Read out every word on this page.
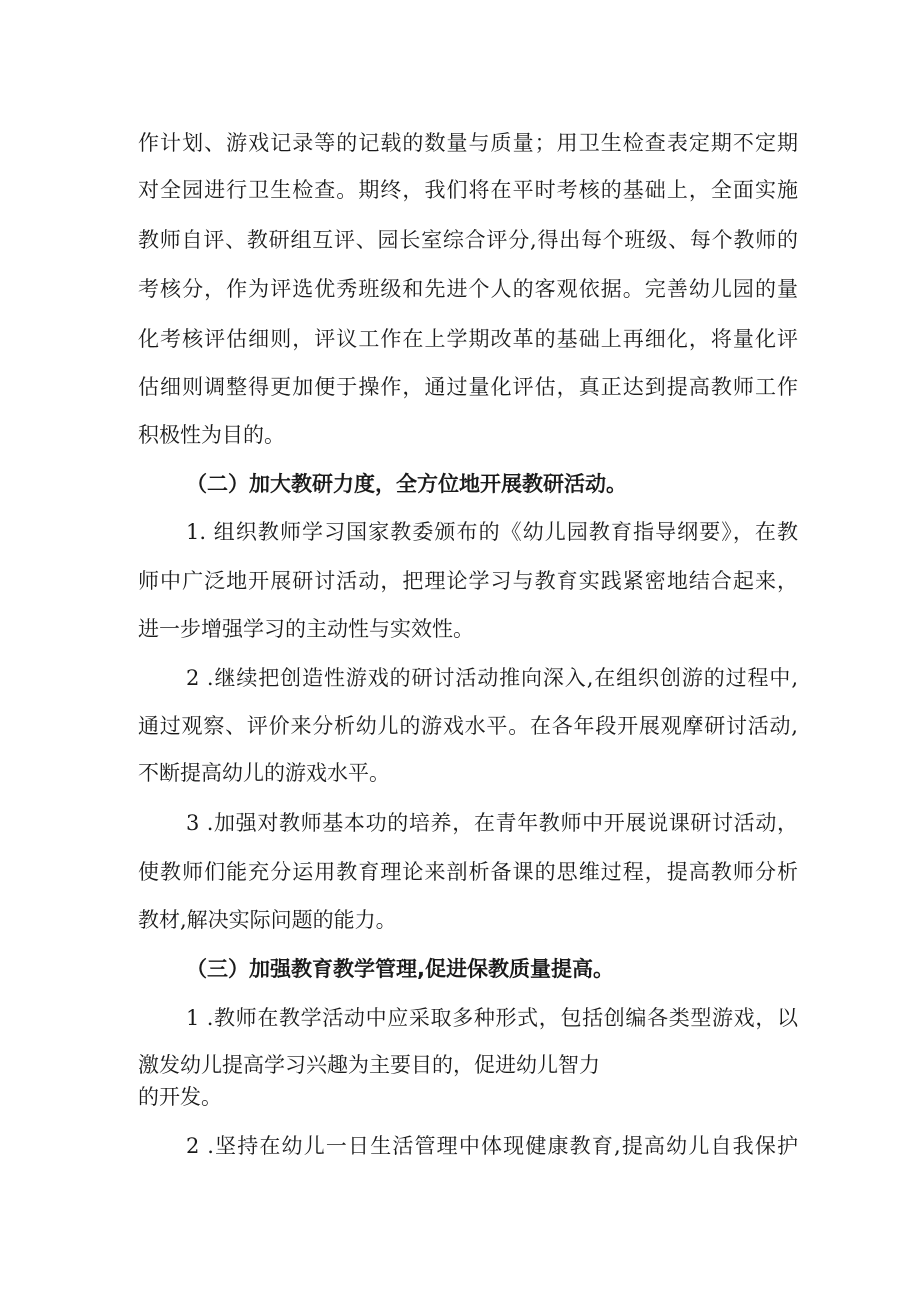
作计划、游戏记录等的记载的数量与质量；用卫生检查表定期不定期
对全园进行卫生检查。期终，我们将在平时考核的基础上，全面实施
教师自评、教研组互评、园长室综合评分,得出每个班级、每个教师的
考核分，作为评选优秀班级和先进个人的客观依据。完善幼儿园的量
化考核评估细则，评议工作在上学期改革的基础上再细化，将量化评
估细则调整得更加便于操作，通过量化评估，真正达到提高教师工作
积极性为目的。
（二）加大教研力度，全方位地开展教研活动。
1. 组织教师学习国家教委颁布的《幼儿园教育指导纲要》，在教
师中广泛地开展研讨活动，把理论学习与教育实践紧密地结合起来，
进一步增强学习的主动性与实效性。
2 .继续把创造性游戏的研讨活动推向深入,在组织创游的过程中,
通过观察、评价来分析幼儿的游戏水平。在各年段开展观摩研讨活动,
不断提高幼儿的游戏水平。
3 .加强对教师基本功的培养，在青年教师中开展说课研讨活动，
使教师们能充分运用教育理论来剖析备课的思维过程，提高教师分析
教材,解决实际问题的能力。
（三）加强教育教学管理,促进保教质量提高。
1 .教师在教学活动中应采取多种形式，包括创编各类型游戏，以
激发幼儿提高学习兴趣为主要目的，促进幼儿智力
的开发。
2 .坚持在幼儿一日生活管理中体现健康教育,提高幼儿自我保护
